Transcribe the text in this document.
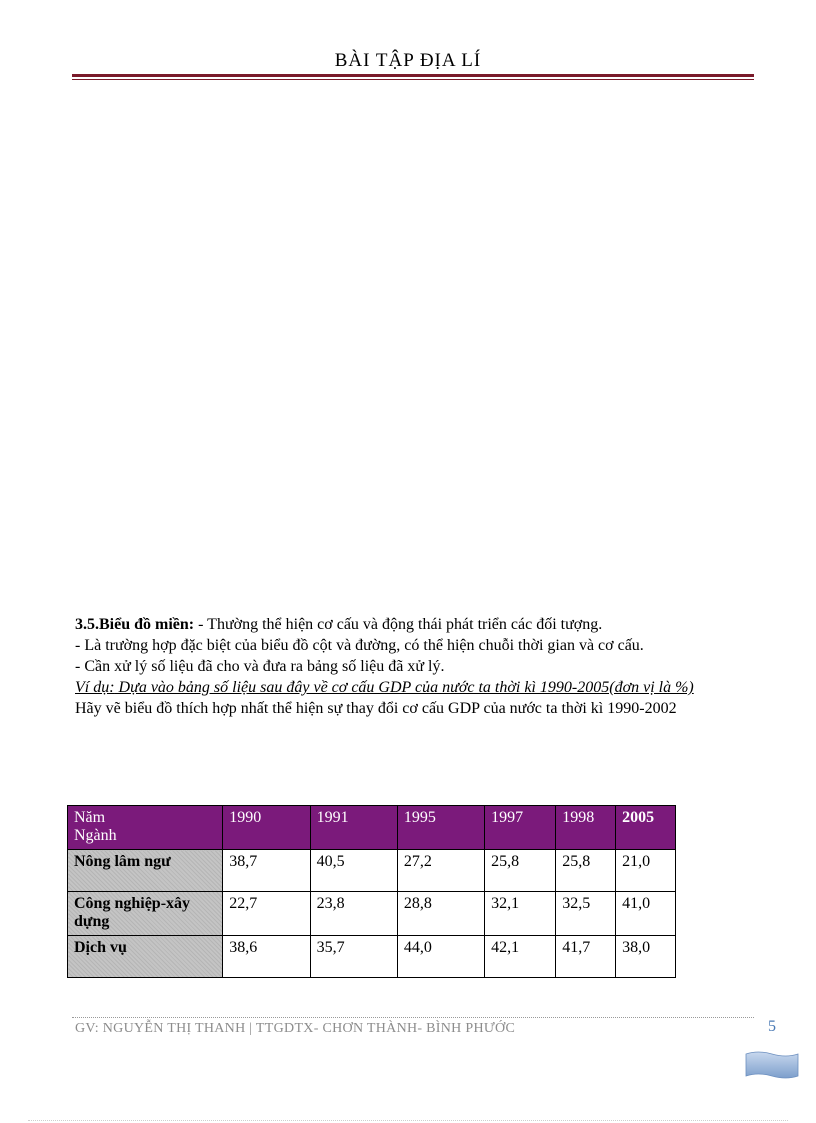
BÀI TẬP ĐỊA LÍ

3.5.Biểu đồ miền: - Thường thể hiện cơ cấu và động thái phát triển các đối tượng.

- Là trường hợp đặc biệt của biểu đồ cột và đường, có thể hiện chuỗi thời gian và cơ cấu.

- Cần xử lý số liệu đã cho và đưa ra bảng số liệu đã xử lý.

Ví dụ: Dựa vào bảng số liệu sau đây về cơ cấu GDP của nước ta thời kì 1990-2005(đơn vị là %)

Hãy vẽ biểu đồ thích hợp nhất thể hiện sự thay đổi cơ cấu GDP của nước ta thời kì 1990-2002

Năm
Ngành	1990	1991	1995	1997	1998	2005
Nông lâm ngư	38,7	40,5	27,2	25,8	25,8	21,0
Công nghiệp-xây dựng	22,7	23,8	28,8	32,1	32,5	41,0
Dịch vụ	38,6	35,7	44,0	42,1	41,7	38,0
GV: NGUYỄN THỊ THANH | TTGDTX- CHƠN THÀNH- BÌNH PHƯỚC	5
